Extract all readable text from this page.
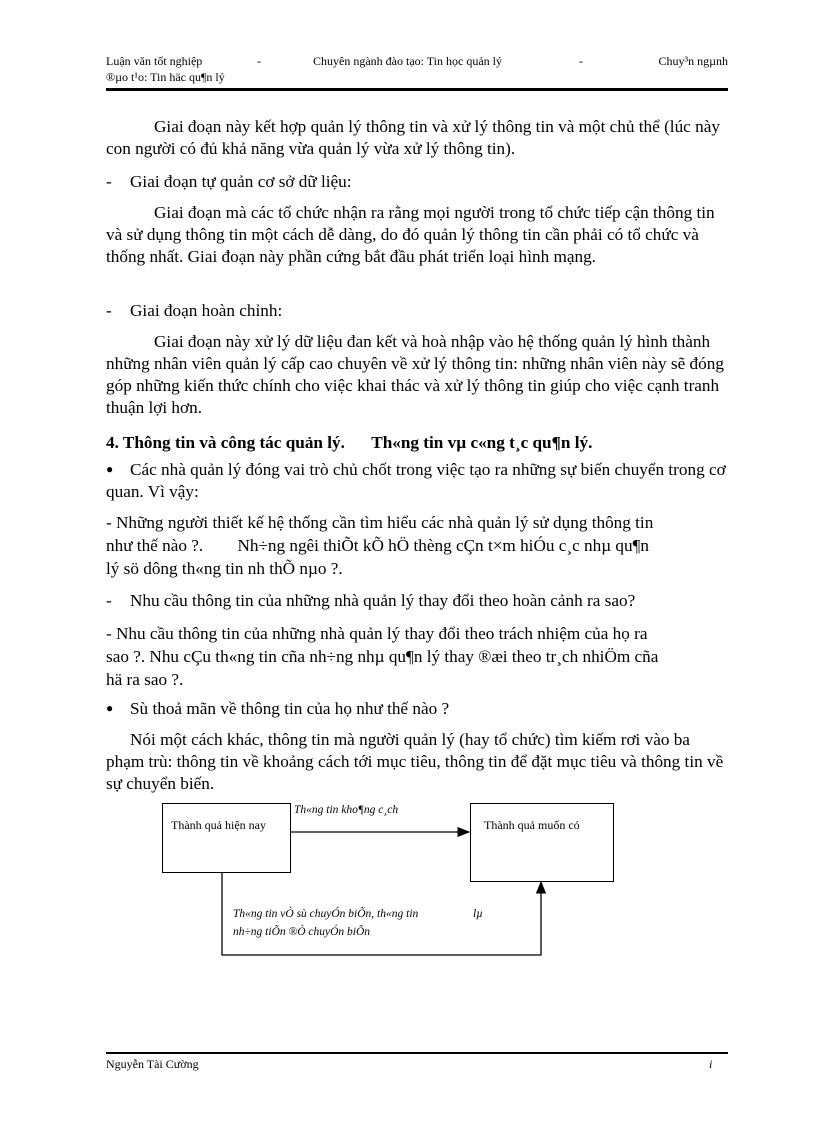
Luận văn tốt nghiệp	-	Chuyên ngành đào tạo: Tin học quản lý	-	Chuy³n ngµnh
®µo t¹o: Tin häc qu¶n lý
Giai đoạn này kết hợp quản lý thông tin và xử lý thông tin và một chủ thể (lúc này con người có đủ khả năng vừa quản lý vừa xử lý thông tin).
- Giai đoạn tự quản cơ sở dữ liệu:
Giai đoạn mà các tổ chức nhận ra rằng mọi người trong tổ chức tiếp cận thông tin và sử dụng thông tin một cách dễ dàng, do đó quản lý thông tin cần phải có tổ chức và thống nhất. Giai đoạn này phần cứng bắt đầu phát triển loại hình mạng.
- Giai đoạn hoàn chỉnh:
Giai đoạn này xử lý dữ liệu đan kết và hoà nhập vào hệ thống quản lý hình thành những nhân viên quản lý cấp cao chuyên về xử lý thông tin: những nhân viên này sẽ đóng góp những kiến thức chính cho việc khai thác và xử lý thông tin giúp cho việc cạnh tranh thuận lợi hơn.
4. Thông tin và công tác quản lý. Th«ng tin vµ c«ng t¸c qu¶n lý.
● Các nhà quản lý đóng vai trò chủ chốt trong việc tạo ra những sự biến chuyển trong cơ quan. Vì vậy:
- Những người thiết kế hệ thống cần tìm hiểu các nhà quản lý sử dụng thông tin
như thế nào ?. Nh÷ng ngêi thiÕt kÕ hÖ thèng cÇn t×m hiÓu c¸c nhµ qu¶n
lý sö dông th«ng tin nh thÕ nµo ?.
- Nhu cầu thông tin của những nhà quản lý thay đổi theo hoàn cảnh ra sao?
- Nhu cầu thông tin của những nhà quản lý thay đổi theo trách nhiệm của họ ra
sao ?. Nhu cÇu th«ng tin cña nh÷ng nhµ qu¶n lý thay ®æi theo tr¸ch nhiÖm cña
hä ra sao ?.
● Sù thoả mãn về thông tin của họ như thế nào ?
Nói một cách khác, thông tin mà người quản lý (hay tổ chức) tìm kiếm rơi vào ba phạm trù: thông tin về khoảng cách tới mục tiêu, thông tin để đặt mục tiêu và thông tin về sự chuyển biến.
Thành quả hiện nay	Thành quả muốn có
Th«ng tin kho¶ng c¸ch
Th«ng tin vÒ sù chuyÓn biÕn, th«ng tin	lµ
nh÷ng tiÕn ®Ò chuyÓn biÕn
Nguyễn Tài Cường	i
